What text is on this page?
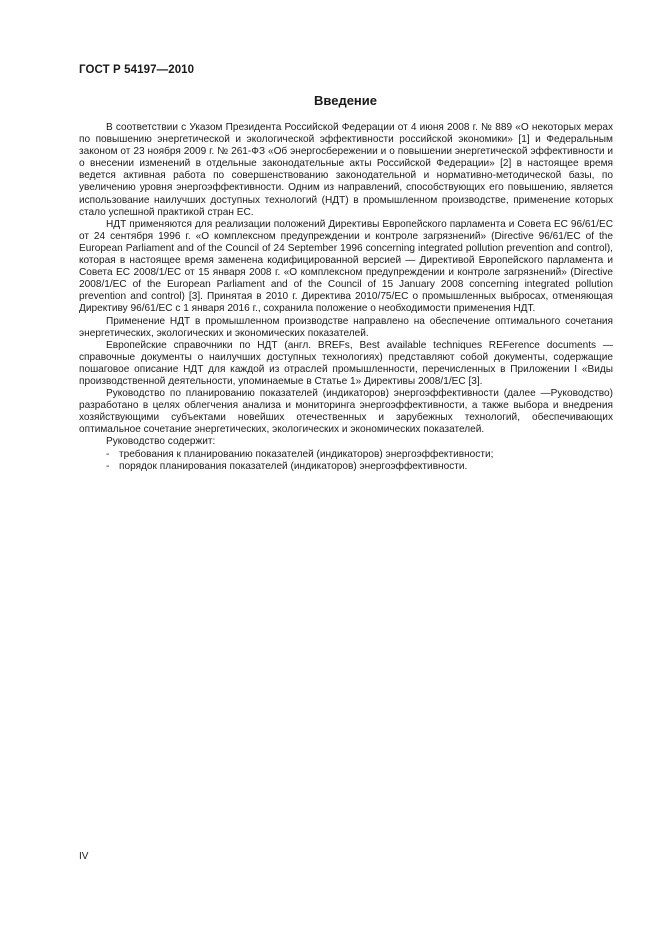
ГОСТ Р 54197—2010
Введение

В соответствии с Указом Президента Российской Федерации от 4 июня 2008 г. № 889 «О некоторых мерах по повышению энергетической и экологической эффективности российской экономики» [1] и Федеральным законом от 23 ноября 2009 г. № 261-ФЗ «Об энергосбережении и о повышении энергетической эффективности и о внесении изменений в отдельные законодательные акты Российской Федерации» [2] в настоящее время ведется активная работа по совершенствованию законодательной и нормативно-методической базы, по увеличению уровня энергоэффективности. Одним из направлений, способствующих его повышению, является использование наилучших доступных технологий (НДТ) в промышленном производстве, применение которых стало успешной практикой стран ЕС.

НДТ применяются для реализации положений Директивы Европейского парламента и Совета ЕС 96/61/ЕС от 24 сентября 1996 г. «О комплексном предупреждении и контроле загрязнений» (Directive 96/61/EC of the European Parliament and of the Council of 24 September 1996 concerning integrated pollution prevention and control), которая в настоящее время заменена кодифицированной версией — Директивой Европейского парламента и Совета ЕС 2008/1/ЕС от 15 января 2008 г. «О комплексном предупреждении и контроле загрязнений» (Directive 2008/1/EC of the European Parliament and of the Council of 15 January 2008 concerning integrated pollution prevention and control) [3]. Принятая в 2010 г. Директива 2010/75/ЕС о промышленных выбросах, отменяющая Директиву 96/61/ЕС с 1 января 2016 г., сохранила положение о необходимости применения НДТ.

Применение НДТ в промышленном производстве направлено на обеспечение оптимального сочетания энергетических, экологических и экономических показателей.

Европейские справочники по НДТ (англ. BREFs, Best available techniques REFerence documents — справочные документы о наилучших доступных технологиях) представляют собой документы, содержащие пошаговое описание НДТ для каждой из отраслей промышленности, перечисленных в Приложении I «Виды производственной деятельности, упоминаемые в Статье 1» Директивы 2008/1/ЕС [3].

Руководство по планированию показателей (индикаторов) энергоэффективности (далее —Руководство) разработано в целях облегчения анализа и мониторинга энергоэффективности, а также выбора и внедрения хозяйствующими субъектами новейших отечественных и зарубежных технологий, обеспечивающих оптимальное сочетание энергетических, экологических и экономических показателей.

Руководство содержит:

- требования к планированию показателей (индикаторов) энергоэффективности;
- порядок планирования показателей (индикаторов) энергоэффективности.
IV
